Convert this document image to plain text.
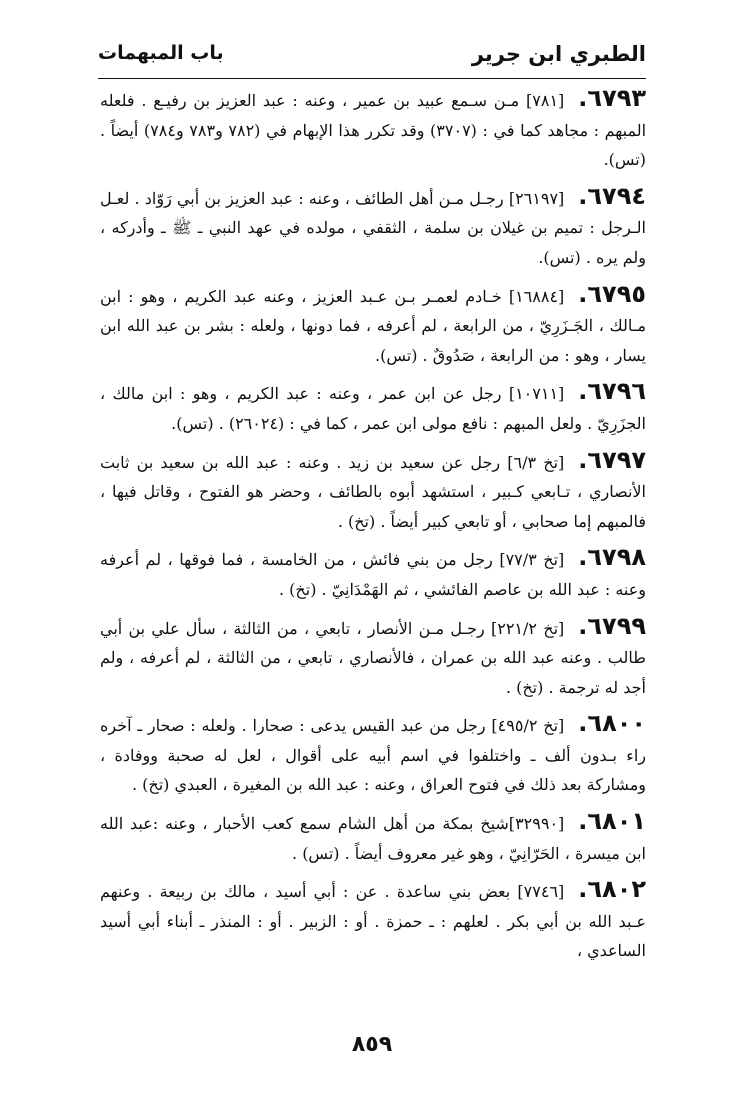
الطبري ابن جرير
باب المبهمات

٦٧٩٣.[٧٨١] مـن سـمع عبيد بن عمير ، وعنه : عبد العزيز بن رفيـع . فلعله المبهم : مجاهد كما في : (٣٧٠٧) وقد تكرر هذا الإبهام في (٧٨٢ و٧٨٣ و٧٨٤) أيضاً . (تس).

٦٧٩٤.[٢٦١٩٧] رجـل مـن أهل الطائف ، وعنه : عبد العزيز بن أبي رَوّاد . لعـل الـرجل : تميم بن غيلان بن سلمة ، الثقفي ، مولده في عهد النبي ـ ﷺ ـ وأدركه ، ولم يره . (تس).

٦٧٩٥.[١٦٨٨٤] خـادم لعمـر بـن عـبد العزيز ، وعنه عبد الكريم ، وهو : ابن مـالك ، الجَـزَرِيّ ، من الرابعة ، لم أعرفه ، فما دونها ، ولعله : بشر بن عبد الله ابن يسار ، وهو : من الرابعة ، صَدُوقٌ . (تس).

٦٧٩٦.[١٠٧١١] رجل عن ابن عمر ، وعنه : عبد الكريم ، وهو : ابن مالك ، الجزَرِيّ . ولعل المبهم : نافع مولى ابن عمر ، كما في : (٢٦٠٢٤) . (تس).

٦٧٩٧.[تخ ٦/٣] رجل عن سعيد بن زيد . وعنه : عبد الله بن سعيد بن ثابت الأنصاري ، تـابعي كـبير ، استشهد أبوه بالطائف ، وحضر هو الفتوح ، وقاتل فيها ، فالمبهم إما صحابي ، أو تابعي كبير أيضاً . (تخ) .

٦٧٩٨.[تخ ٧٧/٣] رجل من بني فائش ، من الخامسة ، فما فوقها ، لم أعرفه وعنه : عبد الله بن عاصم الفائشي ، ثم الهَمْدَانِيّ . (تخ) .

٦٧٩٩.[تخ ٢٢١/٢] رجـل مـن الأنصار ، تابعي ، من الثالثة ، سأل علي بن أبي طالب . وعنه عبد الله بن عمران ، فالأنصاري ، تابعي ، من الثالثة ، لم أعرفه ، ولم أجد له ترجمة . (تخ) .

٦٨٠٠.[تخ ٤٩٥/٢] رجل من عبد القيس يدعى : صحارا . ولعله : صحار ـ آخره راء بـدون ألف ـ واختلفوا في اسم أبيه على أقوال ، لعل له صحبة ووفادة ، ومشاركة بعد ذلك في فتوح العراق ، وعنه : عبد الله بن المغيرة ، العبدي (تخ) .

٦٨٠١.[٣٢٩٩٠]شيخ بمكة من أهل الشام سمع كعب الأحبار ، وعنه :عبد الله ابن ميسرة ، الحَرّانِيّ ، وهو غير معروف أيضاً . (تس) .

٦٨٠٢.[٧٧٤٦] بعض بني ساعدة . عن : أبي أسيد ، مالك بن ربيعة . وعنهم عـبد الله بن أبي بكر . لعلهم : ـ حمزة . أو : الزبير . أو : المنذر ـ أبناء أبي أسيد الساعدي ،

٨٥٩
